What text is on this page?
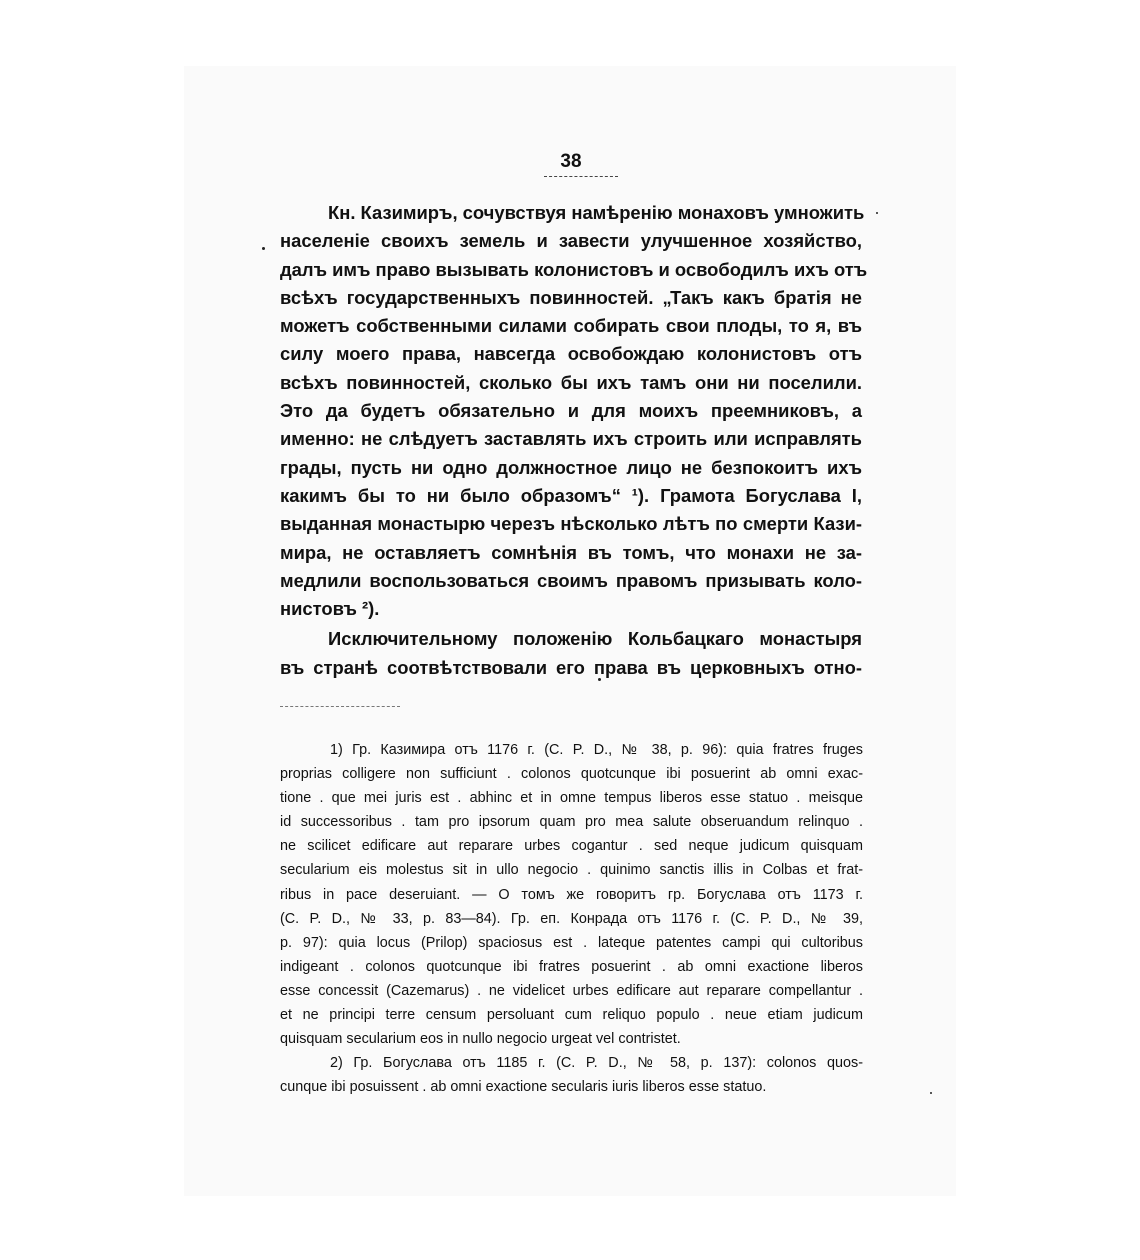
38

Кн. Казимиръ, сочувствуя намѣренію монаховъ умножить
населеніе своихъ земель и завести улучшенное хозяйство,
далъ имъ право вызывать колонистовъ и освободилъ ихъ отъ
всѣхъ государственныхъ повинностей. „Такъ какъ братія не
можетъ собственными силами собирать свои плоды, то я, въ
силу моего права, навсегда освобождаю колонистовъ отъ
всѣхъ повинностей, сколько бы ихъ тамъ они ни поселили.
Это да будетъ обязательно и для моихъ преемниковъ, а
именно: не слѣдуетъ заставлять ихъ строить или исправлять
грады, пусть ни одно должностное лицо не безпокоитъ ихъ
какимъ бы то ни было образомъ“ ¹). Грамота Богуслава I,
выданная монастырю черезъ нѣсколько лѣтъ по смерти Кази-
мира, не оставляетъ сомнѣнія въ томъ, что монахи не за-
медлили воспользоваться своимъ правомъ призывать коло-
нистовъ ²).

Исключительному положенію Кольбацкаго монастыря
въ странѣ соотвѣтствовали его права въ церковныхъ отно-

1) Гр. Казимира отъ 1176 г. (C. P. D., № 38, p. 96): quia fratres fruges
proprias colligere non sufficiunt . colonos quotcunque ibi posuerint ab omni exac-
tione . que mei juris est . abhinc et in omne tempus liberos esse statuo . meisque
id successoribus . tam pro ipsorum quam pro mea salute obseruandum relinquo .
ne scilicet edificare aut reparare urbes cogantur . sed neque judicum quisquam
secularium eis molestus sit in ullo negocio . quinimo sanctis illis in Colbas et frat-
ribus in pace deseruiant. — О томъ же говоритъ гр. Богуслава отъ 1173 г.
(C. P. D., № 33, p. 83—84). Гр. еп. Конрада отъ 1176 г. (C. P. D., № 39,
p. 97): quia locus (Prilop) spaciosus est . lateque patentes campi qui cultoribus
indigeant . colonos quotcunque ibi fratres posuerint . ab omni exactione liberos
esse concessit (Cazemarus) . ne videlicet urbes edificare aut reparare compellantur .
et ne principi terre censum persoluant cum reliquo populo . neue etiam judicum
quisquam secularium eos in nullo negocio urgeat vel contristet.

2) Гр. Богуслава отъ 1185 г. (C. P. D., № 58, p. 137): colonos quos-
cunque ibi posuissent . ab omni exactione secularis iuris liberos esse statuo.
